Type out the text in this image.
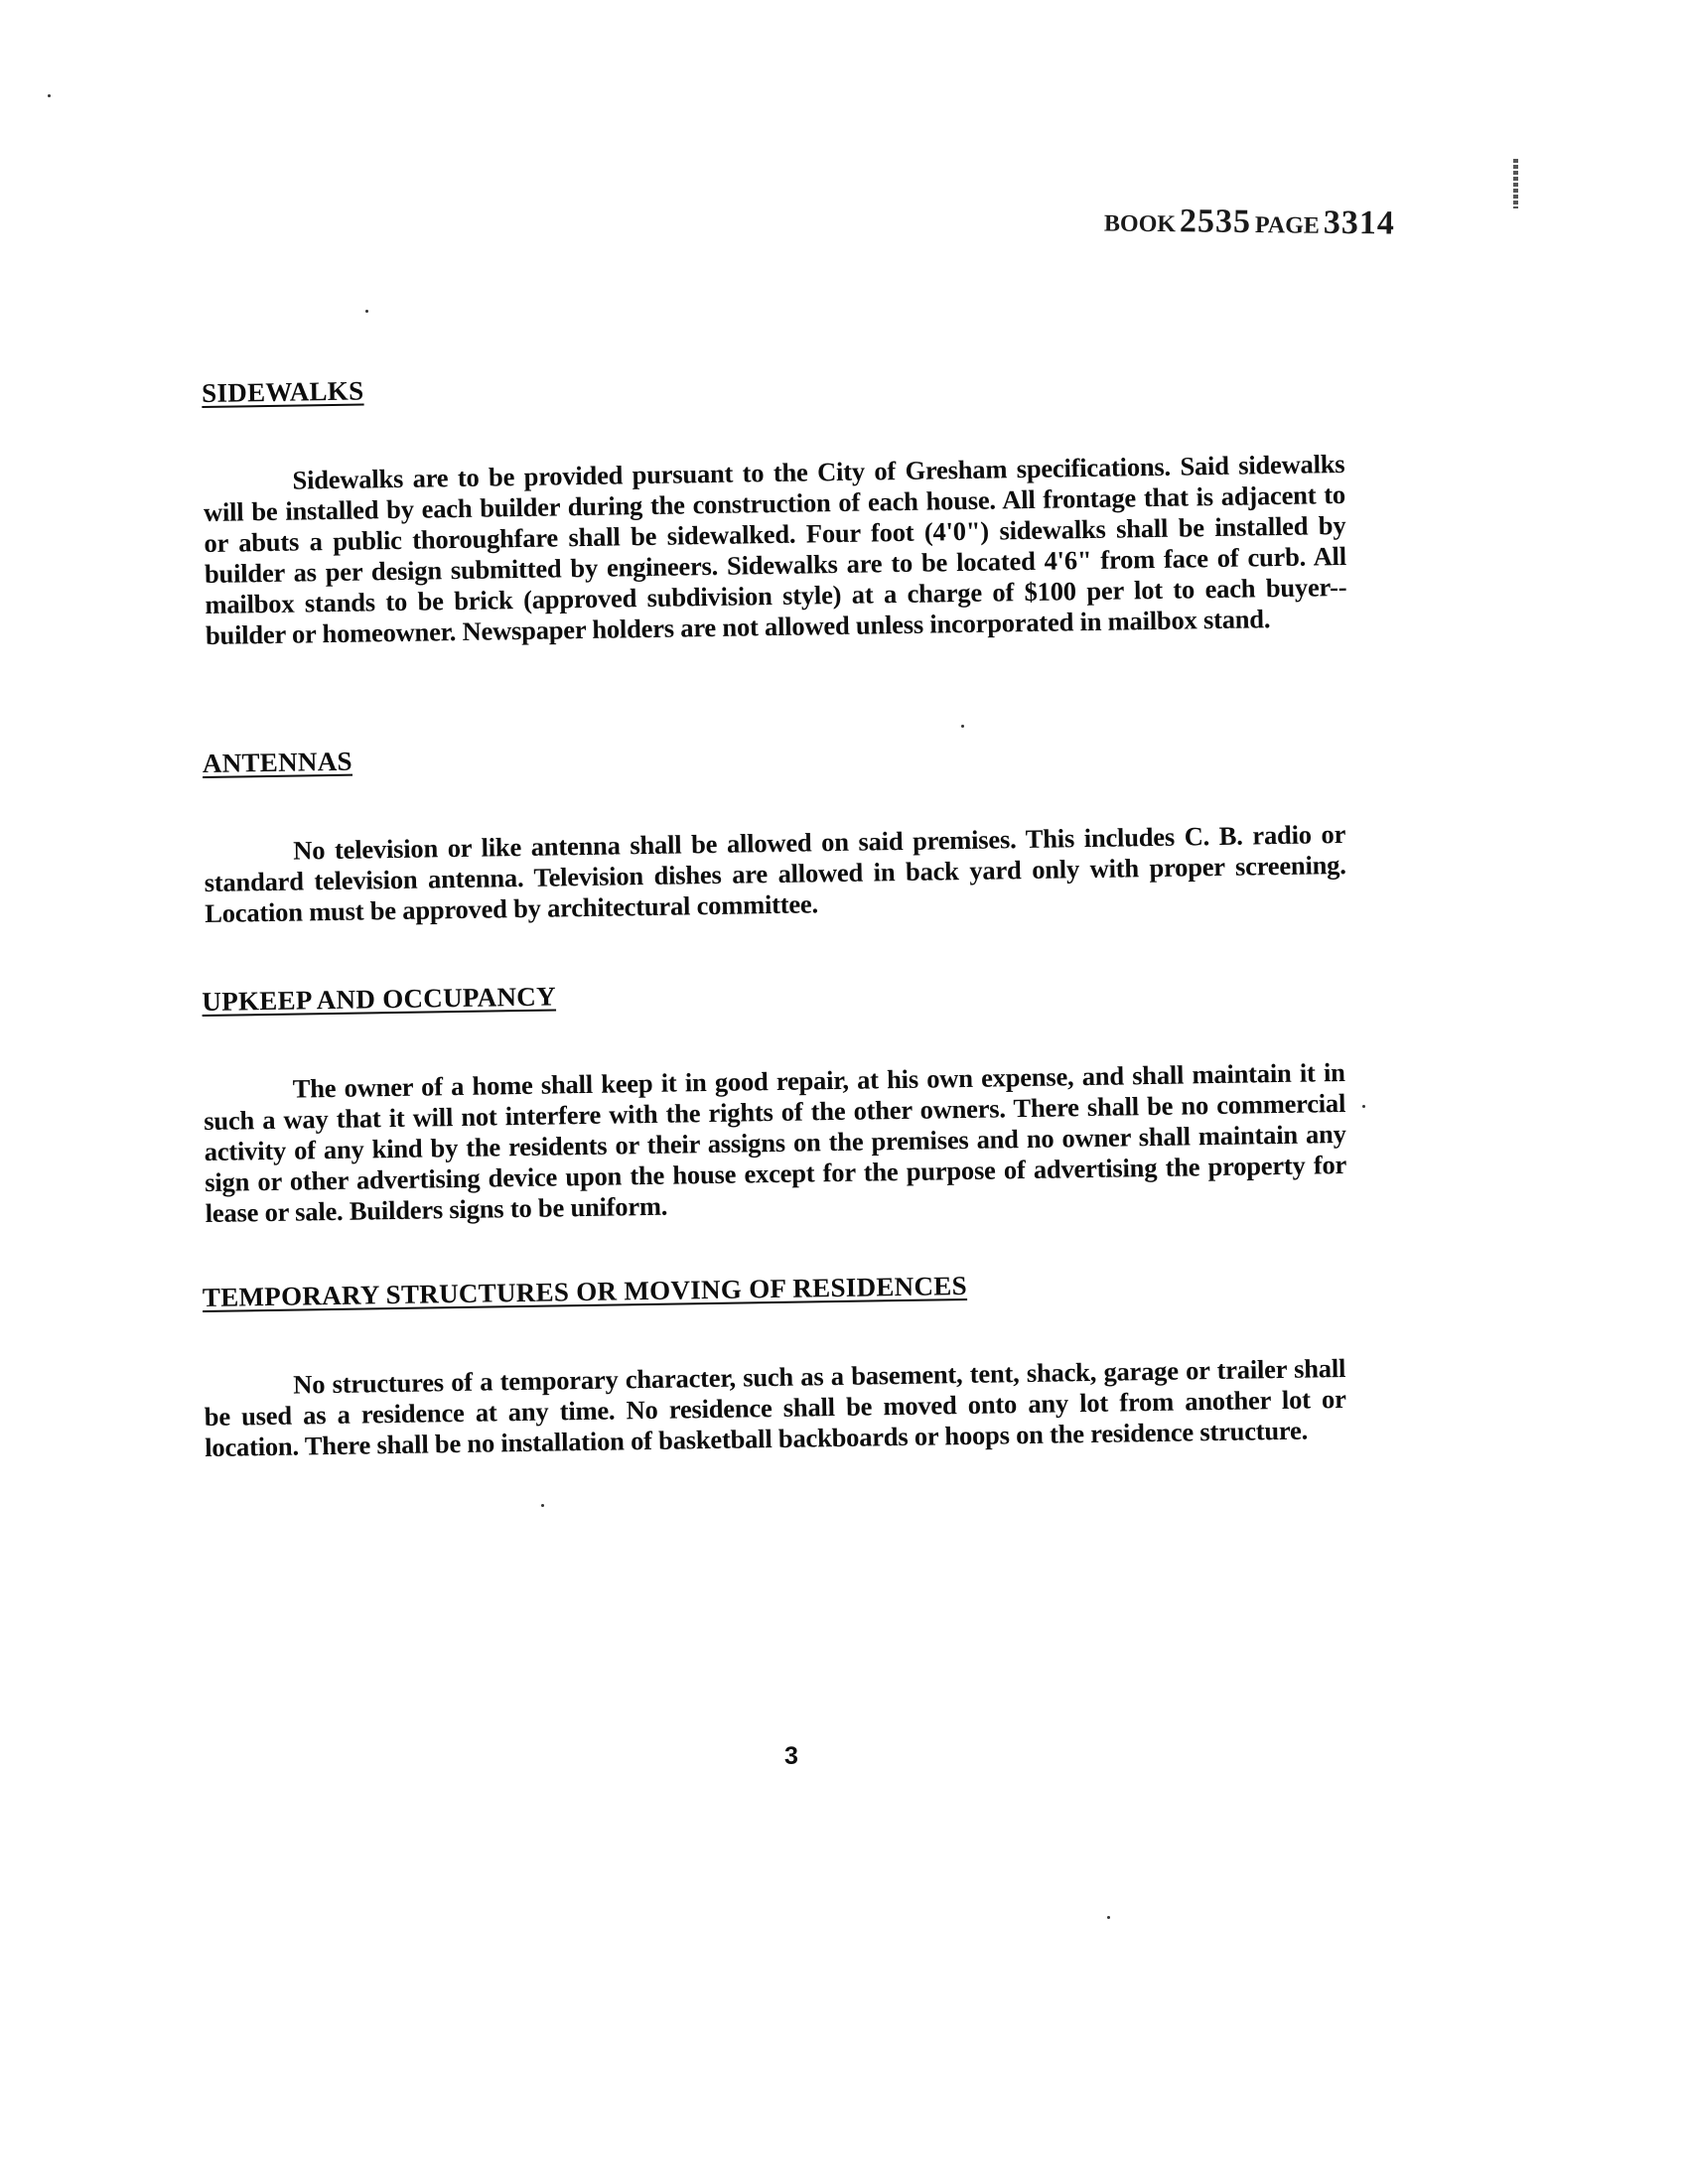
BOOK 2535 PAGE 3314
SIDEWALKS

Sidewalks are to be provided pursuant to the City of Gresham specifications. Said sidewalks will be installed by each builder during the construction of each house. All frontage that is adjacent to or abuts a public thoroughfare shall be sidewalked. Four foot (4'0") sidewalks shall be installed by builder as per design submitted by engineers. Sidewalks are to be located 4'6" from face of curb. All mailbox stands to be brick (approved subdivision style) at a charge of $100 per lot to each buyer--builder or homeowner. Newspaper holders are not allowed unless incorporated in mailbox stand.

ANTENNAS

No television or like antenna shall be allowed on said premises. This includes C. B. radio or standard television antenna. Television dishes are allowed in back yard only with proper screening. Location must be approved by architectural committee.

UPKEEP AND OCCUPANCY

The owner of a home shall keep it in good repair, at his own expense, and shall maintain it in such a way that it will not interfere with the rights of the other owners. There shall be no commercial activity of any kind by the residents or their assigns on the premises and no owner shall maintain any sign or other advertising device upon the house except for the purpose of advertising the property for lease or sale. Builders signs to be uniform.

TEMPORARY STRUCTURES OR MOVING OF RESIDENCES

No structures of a temporary character, such as a basement, tent, shack, garage or trailer shall be used as a residence at any time. No residence shall be moved onto any lot from another lot or location. There shall be no installation of basketball backboards or hoops on the residence structure.

3
